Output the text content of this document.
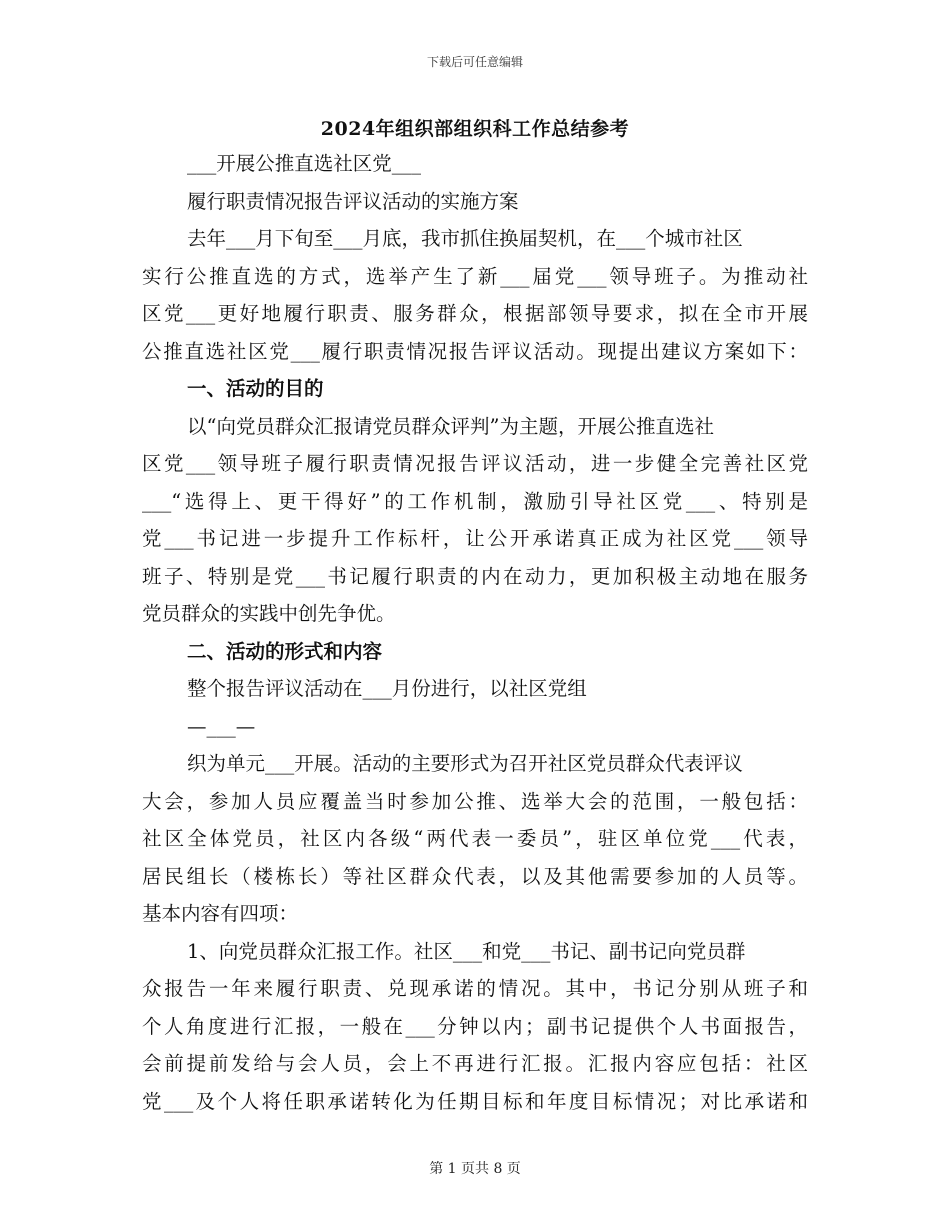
下载后可任意编辑
2024年组织部组织科工作总结参考
___开展公推直选社区党___
履行职责情况报告评议活动的实施方案
去年___月下旬至___月底，我市抓住换届契机，在___个城市社区
实行公推直选的方式，选举产生了新___届党___领导班子。为推动社
区党___更好地履行职责、服务群众，根据部领导要求，拟在全市开展
公推直选社区党___履行职责情况报告评议活动。现提出建议方案如下：
一、活动的目的
以“向党员群众汇报请党员群众评判”为主题，开展公推直选社
区党___领导班子履行职责情况报告评议活动，进一步健全完善社区党
___“选得上、更干得好”的工作机制，激励引导社区党___、特别是
党___书记进一步提升工作标杆，让公开承诺真正成为社区党___领导
班子、特别是党___书记履行职责的内在动力，更加积极主动地在服务
党员群众的实践中创先争优。
二、活动的形式和内容
整个报告评议活动在___月份进行，以社区党组
—___—
织为单元___开展。活动的主要形式为召开社区党员群众代表评议
大会，参加人员应覆盖当时参加公推、选举大会的范围，一般包括：
社区全体党员，社区内各级“两代表一委员”，驻区单位党___代表，
居民组长（楼栋长）等社区群众代表，以及其他需要参加的人员等。
基本内容有四项：
1、向党员群众汇报工作。社区___和党___书记、副书记向党员群
众报告一年来履行职责、兑现承诺的情况。其中，书记分别从班子和
个人角度进行汇报，一般在___分钟以内；副书记提供个人书面报告，
会前提前发给与会人员，会上不再进行汇报。汇报内容应包括：社区
党___及个人将任职承诺转化为任期目标和年度目标情况；对比承诺和
第 1 页共 8 页
